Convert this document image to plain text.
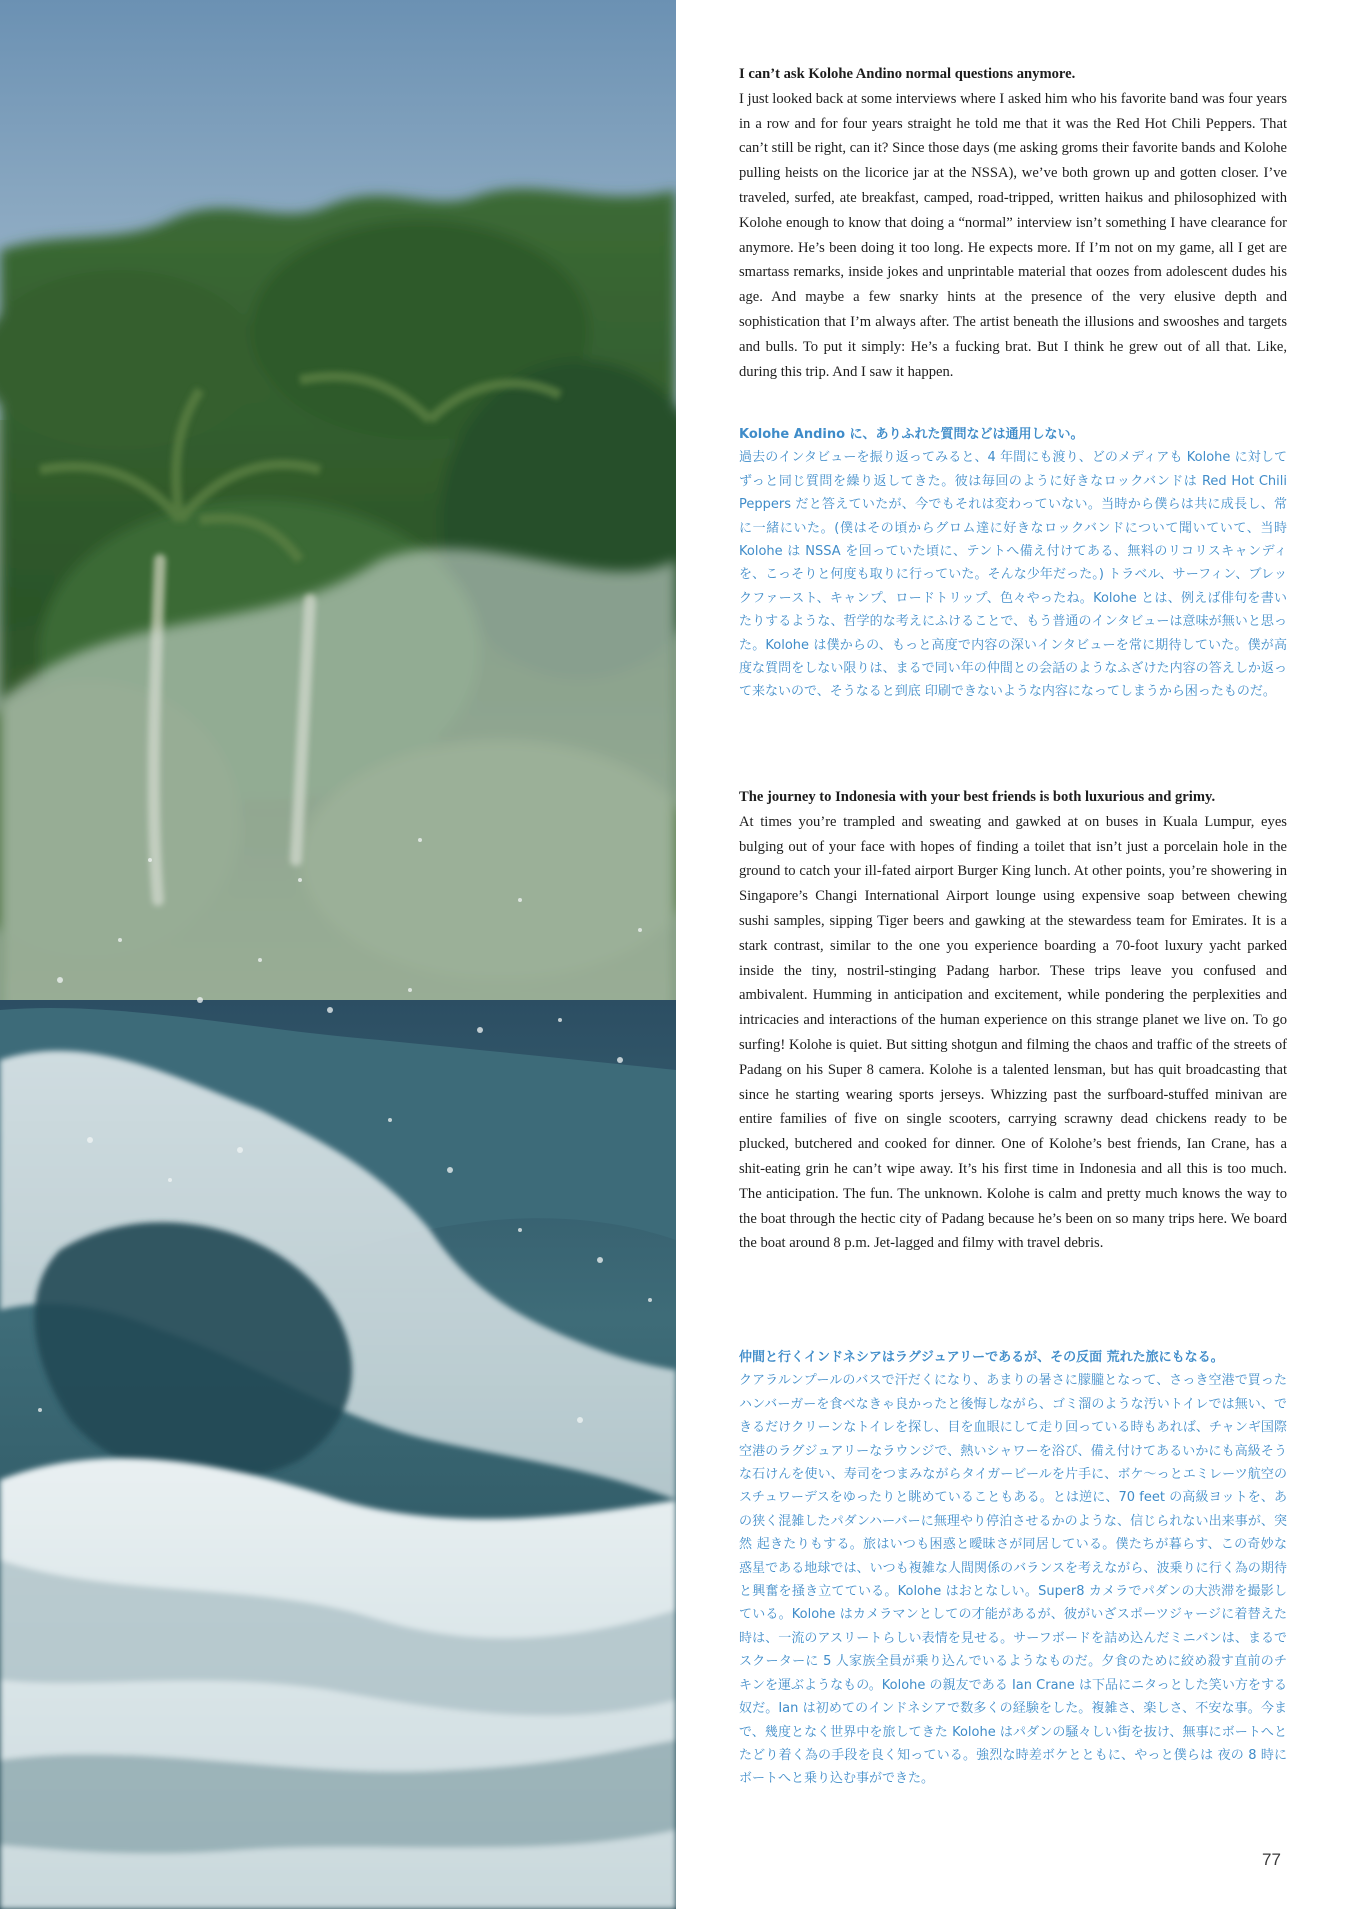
I can’t ask Kolohe Andino normal questions anymore.
I just looked back at some interviews where I asked him who his favorite band was four years in a row and for four years straight he told me that it was the Red Hot Chili Peppers. That can’t still be right, can it? Since those days (me asking groms their favorite bands and Kolohe pulling heists on the licorice jar at the NSSA), we’ve both grown up and gotten closer. I’ve traveled, surfed, ate breakfast, camped, road-tripped, written haikus and philosophized with Kolohe enough to know that doing a “normal” interview isn’t something I have clearance for anymore. He’s been doing it too long. He expects more. If I’m not on my game, all I get are smartass remarks, inside jokes and unprintable material that oozes from adolescent dudes his age. And maybe a few snarky hints at the presence of the very elusive depth and sophistication that I’m always after. The artist beneath the illusions and swooshes and targets and bulls. To put it simply: He’s a fucking brat. But I think he grew out of all that. Like, during this trip. And I saw it happen.
Kolohe Andino に、ありふれた質問などは通用しない。
過去のインタビューを振り返ってみると、4 年間にも渡り、どのメディアも Kolohe に対して ずっと同じ質問を繰り返してきた。彼は毎回のように好きなロックバンドは Red Hot Chili Peppers だと答えていたが、今でもそれは変わっていない。当時から僕らは共に成長し、常に一緒にいた。(僕はその頃からグロム達に好きなロックバンドについて聞いていて、当時 Kolohe は NSSA を回っていた頃に、テントへ備え付けてある、無料のリコリスキャンディを、こっそりと何度も取りに行っていた。そんな少年だった。) トラベル、サーフィン、ブレックファースト、キャンプ、ロードトリップ、色々やったね。Kolohe とは、例えば俳句を書いたりするような、哲学的な考えにふけることで、もう普通のインタビューは意味が無いと思った。Kolohe は僕からの、もっと高度で内容の深いインタビューを常に期待していた。僕が高度な質問をしない限りは、まるで同い年の仲間との会話のようなふざけた内容の答えしか返って来ないので、そうなると到底 印刷できないような内容になってしまうから困ったものだ。
The journey to Indonesia with your best friends is both luxurious and grimy.
At times you’re trampled and sweating and gawked at on buses in Kuala Lumpur, eyes bulging out of your face with hopes of finding a toilet that isn’t just a porcelain hole in the ground to catch your ill-fated airport Burger King lunch. At other points, you’re showering in Singapore’s Changi International Airport lounge using expensive soap between chewing sushi samples, sipping Tiger beers and gawking at the stewardess team for Emirates. It is a stark contrast, similar to the one you experience boarding a 70-foot luxury yacht parked inside the tiny, nostril-stinging Padang harbor. These trips leave you confused and ambivalent. Humming in anticipation and excitement, while pondering the perplexities and intricacies and interactions of the human experience on this strange planet we live on. To go surfing! Kolohe is quiet. But sitting shotgun and filming the chaos and traffic of the streets of Padang on his Super 8 camera. Kolohe is a talented lensman, but has quit broadcasting that since he starting wearing sports jerseys. Whizzing past the surfboard-stuffed minivan are entire families of five on single scooters, carrying scrawny dead chickens ready to be plucked, butchered and cooked for dinner. One of Kolohe’s best friends, Ian Crane, has a shit-eating grin he can’t wipe away. It’s his first time in Indonesia and all this is too much. The anticipation. The fun. The unknown. Kolohe is calm and pretty much knows the way to the boat through the hectic city of Padang because he’s been on so many trips here. We board the boat around 8 p.m. Jet-lagged and filmy with travel debris.
仲間と行くインドネシアはラグジュアリーであるが、その反面 荒れた旅にもなる。
クアラルンプールのバスで汗だくになり、あまりの暑さに朦朧となって、さっき空港で買ったハンバーガーを食べなきゃ良かったと後悔しながら、ゴミ溜のような汚いトイレでは無い、できるだけクリーンなトイレを探し、目を血眼にして走り回っている時もあれば、チャンギ国際空港のラグジュアリーなラウンジで、熱いシャワーを浴び、備え付けてあるいかにも高級そうな石けんを使い、寿司をつまみながらタイガービールを片手に、ボケ〜っとエミレーツ航空のスチュワーデスをゆったりと眺めていることもある。とは逆に、70 feet の高級ヨットを、あの狭く混雑したパダンハーバーに無理やり停泊させるかのような、信じられない出来事が、突然 起きたりもする。旅はいつも困惑と曖昧さが同居している。僕たちが暮らす、この奇妙な惑星である地球では、いつも複雑な人間関係のバランスを考えながら、波乗りに行く為の期待と興奮を掻き立てている。Kolohe はおとなしい。Super8 カメラでパダンの大渋滞を撮影している。Kolohe はカメラマンとしての才能があるが、彼がいざスポーツジャージに着替えた時は、一流のアスリートらしい表情を見せる。サーフボードを詰め込んだミニバンは、まるでスクーターに 5 人家族全員が乗り込んでいるようなものだ。夕食のために絞め殺す直前のチキンを運ぶようなもの。Kolohe の親友である Ian Crane は下品にニタっとした笑い方をする奴だ。Ian は初めてのインドネシアで数多くの経験をした。複雑さ、楽しさ、不安な事。今まで、幾度となく世界中を旅してきた Kolohe はパダンの騒々しい街を抜け、無事にボートへと たどり着く為の手段を良く知っている。強烈な時差ボケとともに、やっと僕らは 夜の 8 時にボートへと乗り込む事ができた。
77
